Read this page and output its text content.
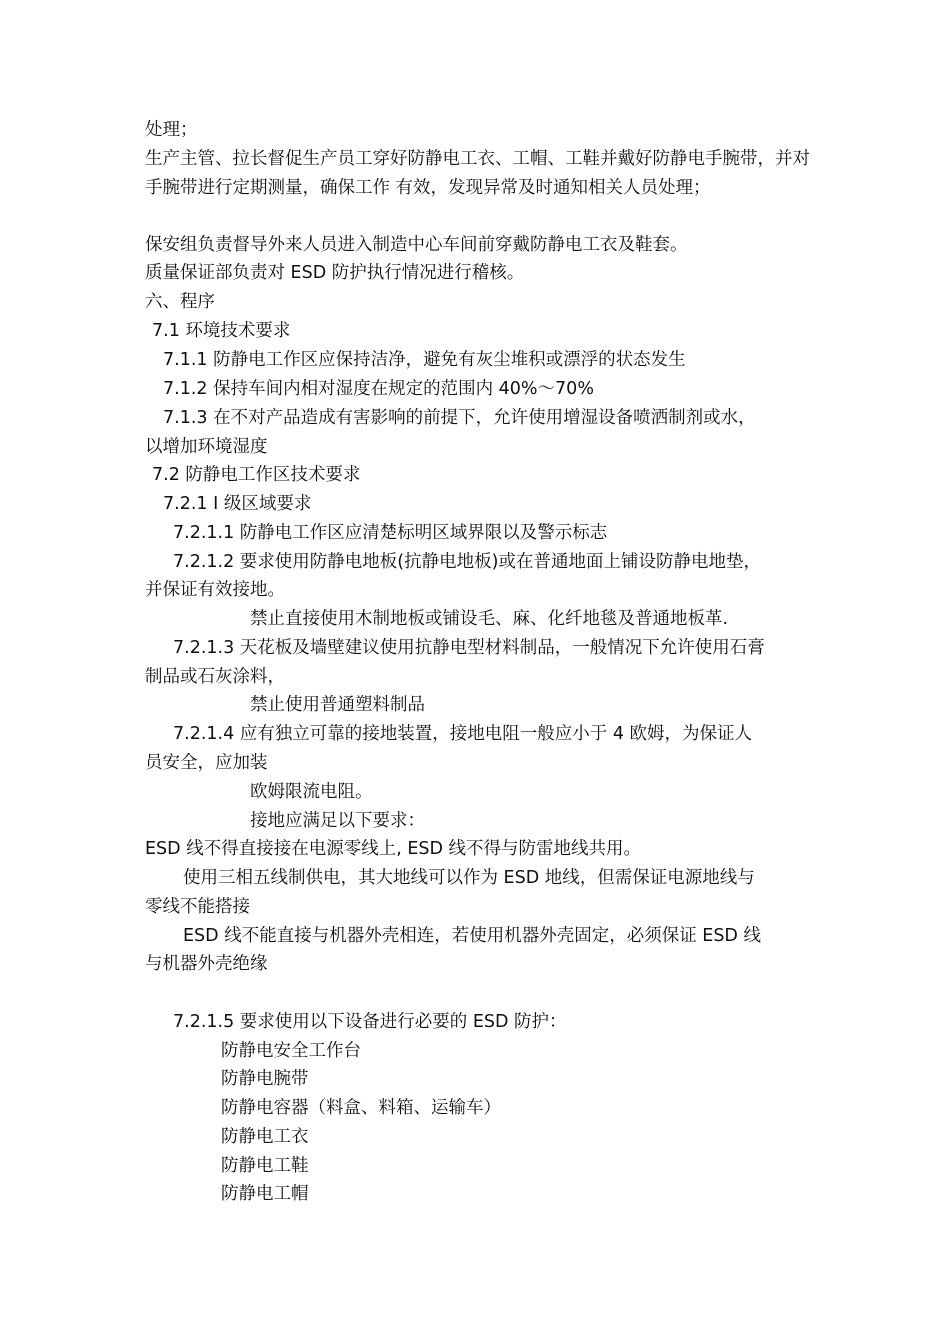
处理；
生产主管、拉长督促生产员工穿好防静电工衣、工帽、工鞋并戴好防静电手腕带，并对手腕带进行定期测量，确保工作 有效，发现异常及时通知相关人员处理；
保安组负责督导外来人员进入制造中心车间前穿戴防静电工衣及鞋套。
质量保证部负责对 ESD 防护执行情况进行稽核。
六、程序
7.1 环境技术要求
7.1.1 防静电工作区应保持洁净，避免有灰尘堆积或漂浮的状态发生
7.1.2 保持车间内相对湿度在规定的范围内 40%～70%
7.1.3 在不对产品造成有害影响的前提下，允许使用增湿设备喷洒制剂或水，
以增加环境湿度
7.2 防静电工作区技术要求
7.2.1 I 级区域要求
7.2.1.1 防静电工作区应清楚标明区域界限以及警示标志
7.2.1.2 要求使用防静电地板(抗静电地板)或在普通地面上铺设防静电地垫，
并保证有效接地。
禁止直接使用木制地板或铺设毛、麻、化纤地毯及普通地板革.
7.2.1.3 天花板及墙壁建议使用抗静电型材料制品，一般情况下允许使用石膏
制品或石灰涂料，
禁止使用普通塑料制品
7.2.1.4 应有独立可靠的接地装置，接地电阻一般应小于 4 欧姆，为保证人
员安全，应加装
欧姆限流电阻。
接地应满足以下要求：
ESD 线不得直接接在电源零线上, ESD 线不得与防雷地线共用。
使用三相五线制供电，其大地线可以作为 ESD 地线，但需保证电源地线与
零线不能搭接
ESD 线不能直接与机器外壳相连，若使用机器外壳固定，必须保证 ESD 线
与机器外壳绝缘
7.2.1.5 要求使用以下设备进行必要的 ESD 防护：
防静电安全工作台
防静电腕带
防静电容器（料盒、料箱、运输车）
防静电工衣
防静电工鞋
防静电工帽
